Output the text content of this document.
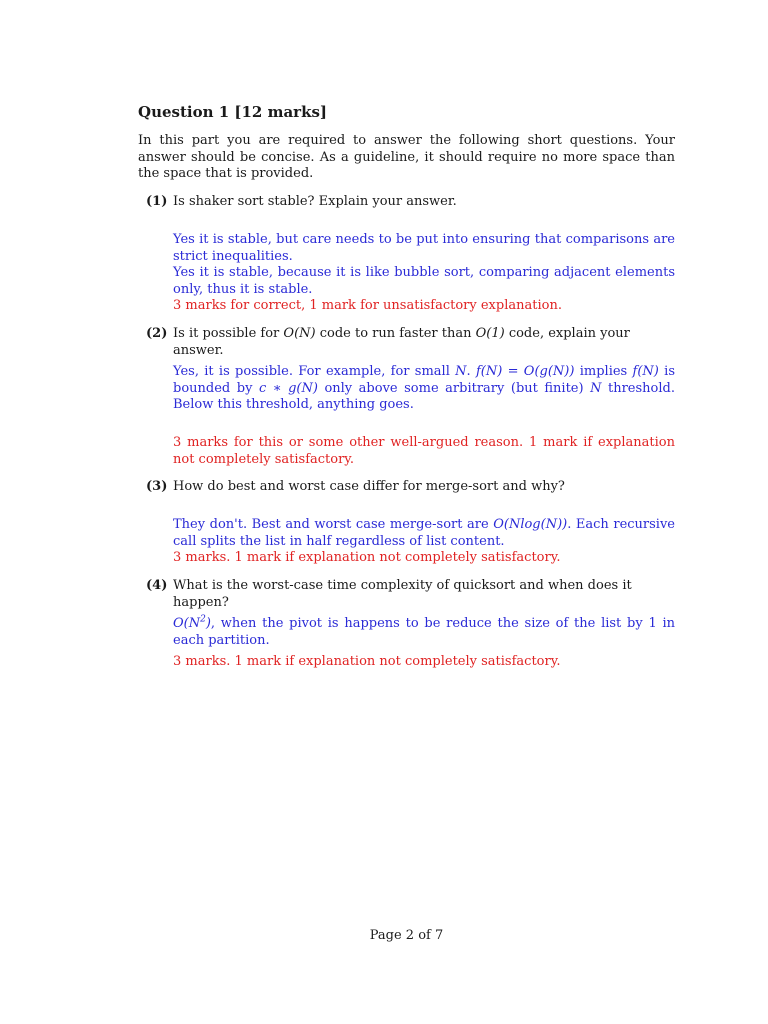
Question 1 [12 marks]
In this part you are required to answer the following short questions. Your answer should be concise. As a guideline, it should require no more space than the space that is provided.
(1) Is shaker sort stable? Explain your answer.
Yes it is stable, but care needs to be put into ensuring that comparisons are strict inequalities.
Yes it is stable, because it is like bubble sort, comparing adjacent elements only, thus it is stable.
3 marks for correct, 1 mark for unsatisfactory explanation.
(2) Is it possible for O(N) code to run faster than O(1) code, explain your answer.
Yes, it is possible. For example, for small N. f(N) = O(g(N)) implies f(N) is bounded by c ∗ g(N) only above some arbitrary (but finite) N threshold. Below this threshold, anything goes.
3 marks for this or some other well-argued reason. 1 mark if explanation not completely satisfactory.
(3) How do best and worst case differ for merge-sort and why?
They don't. Best and worst case merge-sort are O(Nlog(N)). Each recursive call splits the list in half regardless of list content.
3 marks. 1 mark if explanation not completely satisfactory.
(4) What is the worst-case time complexity of quicksort and when does it happen?
$O(N^2)$, when the pivot is happens to be reduce the size of the list by 1 in each partition.
3 marks. 1 mark if explanation not completely satisfactory.
Page 2 of 7
